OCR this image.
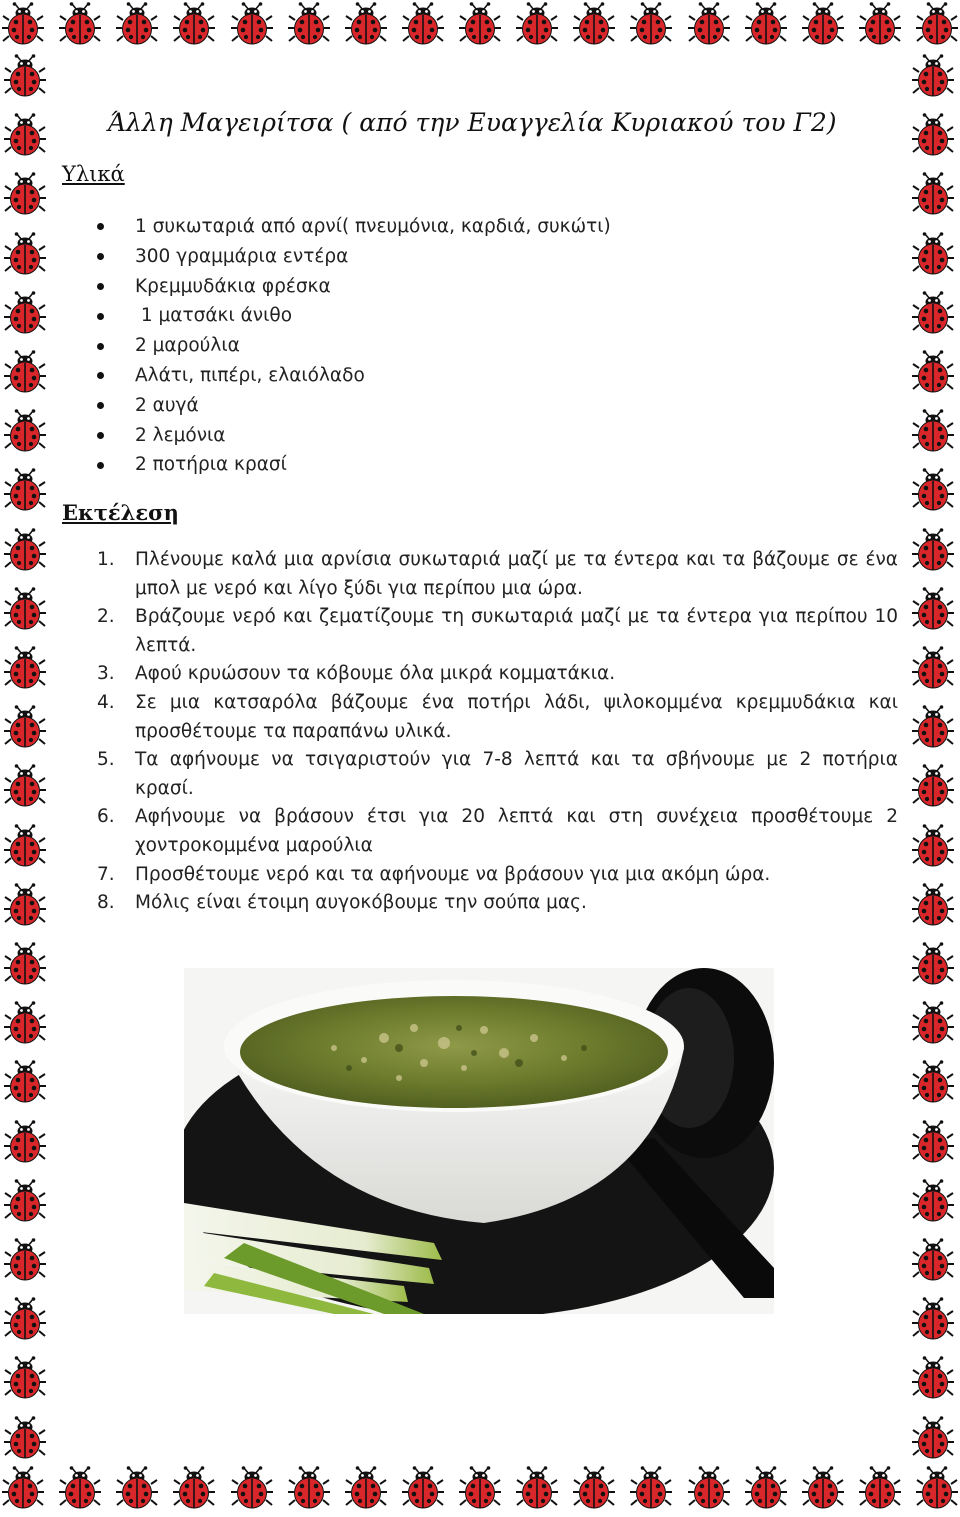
Άλλη Μαγειρίτσα ( από την Ευαγγελία Κυριακού του Γ2)
Υλικά
1 συκωταριά από αρνί( πνευμόνια, καρδιά, συκώτι)
300 γραμμάρια εντέρα
Κρεμμυδάκια φρέσκα
1 ματσάκι άνιθο
2 μαρούλια
Αλάτι, πιπέρι, ελαιόλαδο
2 αυγά
2 λεμόνια
2 ποτήρια κρασί
Εκτέλεση
1.	Πλένουμε καλά μια αρνίσια συκωταριά μαζί με τα έντερα και τα βάζουμε σε ένα μπολ με νερό και λίγο ξύδι για περίπου μια ώρα.
2.	Βράζουμε νερό και ζεματίζουμε τη συκωταριά μαζί με τα έντερα για περίπου 10 λεπτά.
3.	Αφού κρυώσουν τα κόβουμε όλα μικρά κομματάκια.
4.	Σε μια κατσαρόλα βάζουμε ένα ποτήρι λάδι, ψιλοκομμένα κρεμμυδάκια και προσθέτουμε τα παραπάνω υλικά.
5.	Τα αφήνουμε να τσιγαριστούν για 7-8 λεπτά και τα σβήνουμε με 2 ποτήρια κρασί.
6.	Αφήνουμε να βράσουν έτσι για 20 λεπτά και στη συνέχεια προσθέτουμε 2 χοντροκομμένα μαρούλια
7.	Προσθέτουμε νερό και τα αφήνουμε να βράσουν για μια ακόμη ώρα.
8.	Μόλις είναι έτοιμη αυγοκόβουμε την σούπα μας.
